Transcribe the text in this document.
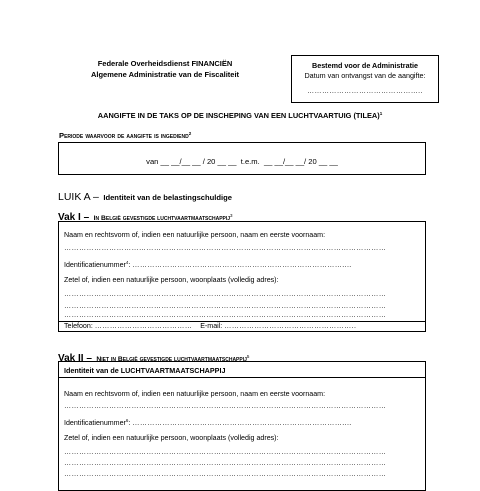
Federale Overheidsdienst FINANCIËN
Algemene Administratie van de Fiscaliteit
Bestemd voor de Administratie
Datum van ontvangst van de aangifte:
………………………………………..
AANGIFTE IN DE TAKS OP DE INSCHEPING VAN EEN LUCHTVAARTUIG (TILEA)$^1$
Periode waarvoor de aangifte is ingediend$^2$
van __ __/__ __ / 20 __ __  t.e.m.  __ __/__ __/ 20 __ __
LUIK A – Identiteit van de belastingschuldige
Vak I – In België gevestigde luchtvaartmaatschappij$^3$
Naam en rechtsvorm of, indien een natuurlijke persoon, naam en eerste voornaam:
…………………………………………………………………………………………………………………
Identificatienummer$^4$: …………………………………………………………………………....
Zetel of, indien een natuurlijke persoon, woonplaats (volledig adres):
…………………………………………………………………………………………………………………
…………………………………………………………………………………………………………………
…………………………………………………………………………………………………………………
Telefoon: ………………………………… E-mail: ……………………………………………..
Vak II – Niet in België gevestigde luchtvaartmaatschappij$^5$
Identiteit van de LUCHTVAARTMAATSCHAPPIJ
Naam en rechtsvorm of, indien een natuurlijke persoon, naam en eerste voornaam:
…………………………………………………………………………………………………………………
Identificatienummer$^6$: …………………………………………………………………………....
Zetel of, indien een natuurlijke persoon, woonplaats (volledig adres):
…………………………………………………………………………………………………………………
…………………………………………………………………………………………………………………
…………………………………………………………………………………………………………………
